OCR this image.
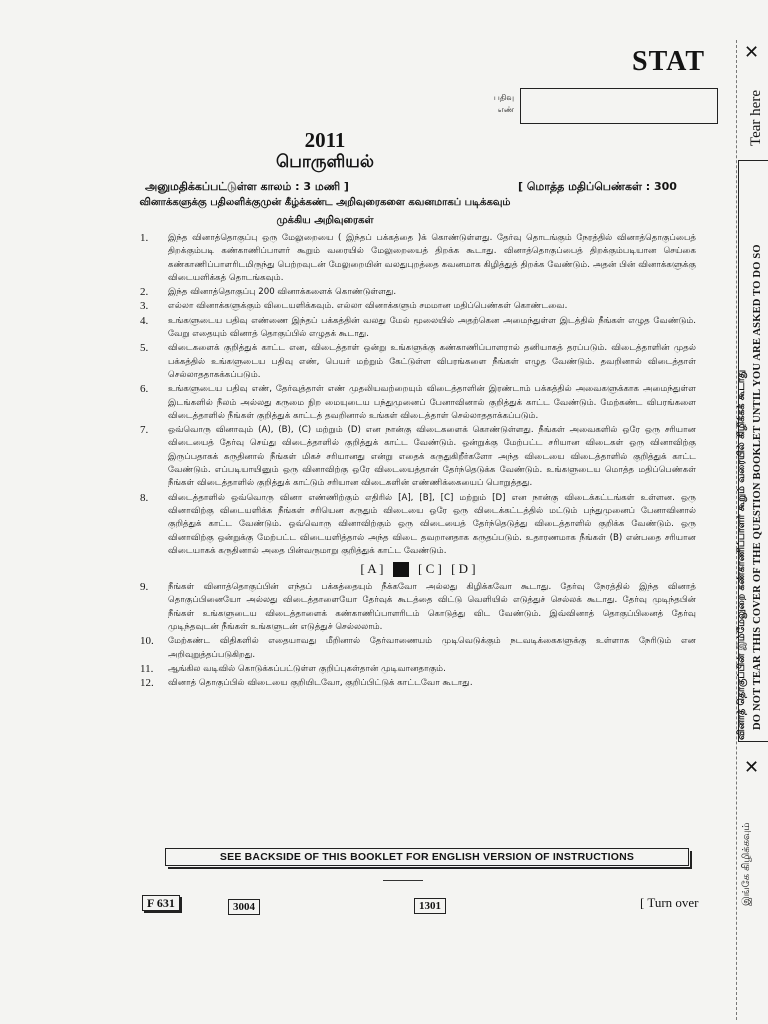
STAT
பதிவு
எண்
2011
பொருளியல்
அனுமதிக்கப்பட்டுள்ள காலம் : 3 மணி ]	[ மொத்த மதிப்பெண்கள் : 300
வினாக்களுக்கு பதிலளிக்குமுன் கீழ்க்கண்ட அறிவுரைகளை கவனமாகப் படிக்கவும்
முக்கிய அறிவுரைகள்
1.	இந்த வினாத்தொகுப்பு ஒரு மேலுறையை ( இந்தப் பக்கத்தை )க் கொண்டுள்ளது. தேர்வு தொடங்கும் நேரத்தில் வினாத்தொகுப்பைத் திறக்கும்படி கண்காணிப்பாளர் கூறும் வரையில் மேலுறையைத் திறக்க கூடாது. வினாத்தொகுப்பைத் திறக்கும்படியான செய்கை கண்காணிப்பாளரிடமிருந்து பெற்றவுடன் மேலுறையின் வலதுபுறத்தை கவனமாக கிழித்துத் திறக்க வேண்டும். அதன் பின் வினாக்களுக்கு விடையளிக்கத் தொடங்கவும்.
2.	இந்த வினாத்தொகுப்பு 200 வினாக்களைக் கொண்டுள்ளது.
3.	எல்லா வினாக்களுக்கும் விடையளிக்கவும். எல்லா வினாக்களும் சமமான மதிப்பெண்கள் கொண்டவை.
4.	உங்களுடைய பதிவு எண்ணை இந்தப் பக்கத்தின் வலது மேல் மூலையில் அதற்கென அமைந்துள்ள இடத்தில் நீங்கள் எழுத வேண்டும். வேறு எதையும் வினாத் தொகுப்பில் எழுதக் கூடாது.
5.	விடைகளைக் குறித்துக் காட்ட என, விடைத்தாள் ஒன்று உங்களுக்கு கண்காணிப்பாளரால் தனியாகத் தரப்படும். விடைத்தாளின் முதல் பக்கத்தில் உங்களுடைய பதிவு எண், பெயர் மற்றும் கேட்டுள்ள விபரங்களை நீங்கள் எழுத வேண்டும். தவறினால் விடைத்தாள் செல்லாததாகக்கப்படும்.
6.	உங்களுடைய பதிவு எண், தேர்வுத்தாள் எண் முதலியவற்றையும் விடைத்தாளின் இரண்டாம் பக்கத்தில் அவைகளுக்காக அமைந்துள்ள இடங்களில் நீலம் அல்லது கருமை நிற மையுடைய பந்துமுனைப் பேனாவினால் குறித்துக் காட்ட வேண்டும். மேற்கண்ட விபரங்களை விடைத்தாளில் நீங்கள் குறித்துக் காட்டத் தவறினால் உங்கள் விடைத்தாள் செல்லாததாக்கப்படும்.
7.	ஒவ்வொரு வினாவும் (A), (B), (C) மற்றும் (D) என நான்கு விடைகளைக் கொண்டுள்ளது. நீங்கள் அவைகளில் ஒரே ஒரு சரியான விடையைத் தேர்வு செய்து விடைத்தாளில் குறித்துக் காட்ட வேண்டும். ஒன்றுக்கு மேற்பட்ட சரியான விடைகள் ஒரு வினாவிற்கு இருப்பதாகக் கருதினால் நீங்கள் மிகச் சரியானது என்று எதைக் கருதுகிறீர்களோ அந்த விடையை விடைத்தாளில் குறித்துக் காட்ட வேண்டும். எப்படியாயினும் ஒரு வினாவிற்கு ஒரே விடையைத்தான் தேர்ந்தெடுக்க வேண்டும். உங்களுடைய மொத்த மதிப்பெண்கள் நீங்கள் விடைத்தாளில் குறித்துக் காட்டும் சரியான விடைகளின் எண்ணிக்கையைப் பொறுத்தது.
8.	விடைத்தாளில் ஒவ்வொரு வினா எண்ணிற்கும் எதிரில் [A], [B], [C] மற்றும் [D] என நான்கு விடைக்கட்டங்கள் உள்ளன. ஒரு வினாவிற்கு விடையளிக்க நீங்கள் சரியென கருதும் விடையை ஒரே ஒரு விடைக்கட்டத்தில் மட்டும் பந்துமுனைப் பேனாவினால் குறித்துக் காட்ட வேண்டும். ஒவ்வொரு வினாவிற்கும் ஒரு விடையைத் தேர்ந்தெடுத்து விடைத்தாளில் குறிக்க வேண்டும். ஒரு வினாவிற்கு ஒன்றுக்கு மேற்பட்ட விடையளித்தால் அந்த விடை தவறானதாக கருதப்படும். உதாரணமாக நீங்கள் (B) என்பதை சரியான விடையாகக் கருதினால் அதை பின்வருமாறு குறித்துக் காட்ட வேண்டும்.
[ A ]	[ C ] [ D ]
9.	நீங்கள் வினாத்தொகுப்பின் எந்தப் பக்கத்தையும் நீக்கவோ அல்லது கிழிக்கவோ கூடாது. தேர்வு நேரத்தில் இந்த வினாத் தொகுப்பினையோ அல்லது விடைத்தாளையோ தேர்வுக் கூடத்தை விட்டு வெளியில் எடுத்துச் செல்லக் கூடாது. தேர்வு முடிந்தபின் நீங்கள் உங்களுடைய விடைத்தாளைக் கண்காணிப்பாளரிடம் கொடுத்து விட வேண்டும். இவ்வினாத் தொகுப்பினைத் தேர்வு முடிந்தவுடன் நீங்கள் உங்களுடன் எடுத்துச் செல்லலாம்.
10.	மேற்கண்ட விதிகளில் எதையாவது மீறினால் தேர்வாணையம் முடிவெடுக்கும் நடவடிக்கைகளுக்கு உள்ளாக நேரிடும் என அறிவுறுத்தப்படுகிறது.
11.	ஆங்கில வடிவில் கொடுக்கப்பட்டுள்ள குறிப்புகள்தான் முடிவானதாகும்.
12.	வினாத் தொகுப்பில் விடையை குறியிடவோ, குறிப்பிட்டுக் காட்டவோ கூடாது.
SEE BACKSIDE OF THIS BOOKLET FOR ENGLISH VERSION OF INSTRUCTIONS
F 631	3004	1301	[ Turn over
✕
Tear here
வினாத் தொகுப்பின் இம்மேலுறை கண்காணிப்பாளர் கூறும் வரையில் கிழிக்கக் கூடாது DO NOT TEAR THIS COVER OF THE QUESTION BOOKLET UNTIL YOU ARE ASKED TO DO SO
✕
இங்கே கிழிக்கவும்
